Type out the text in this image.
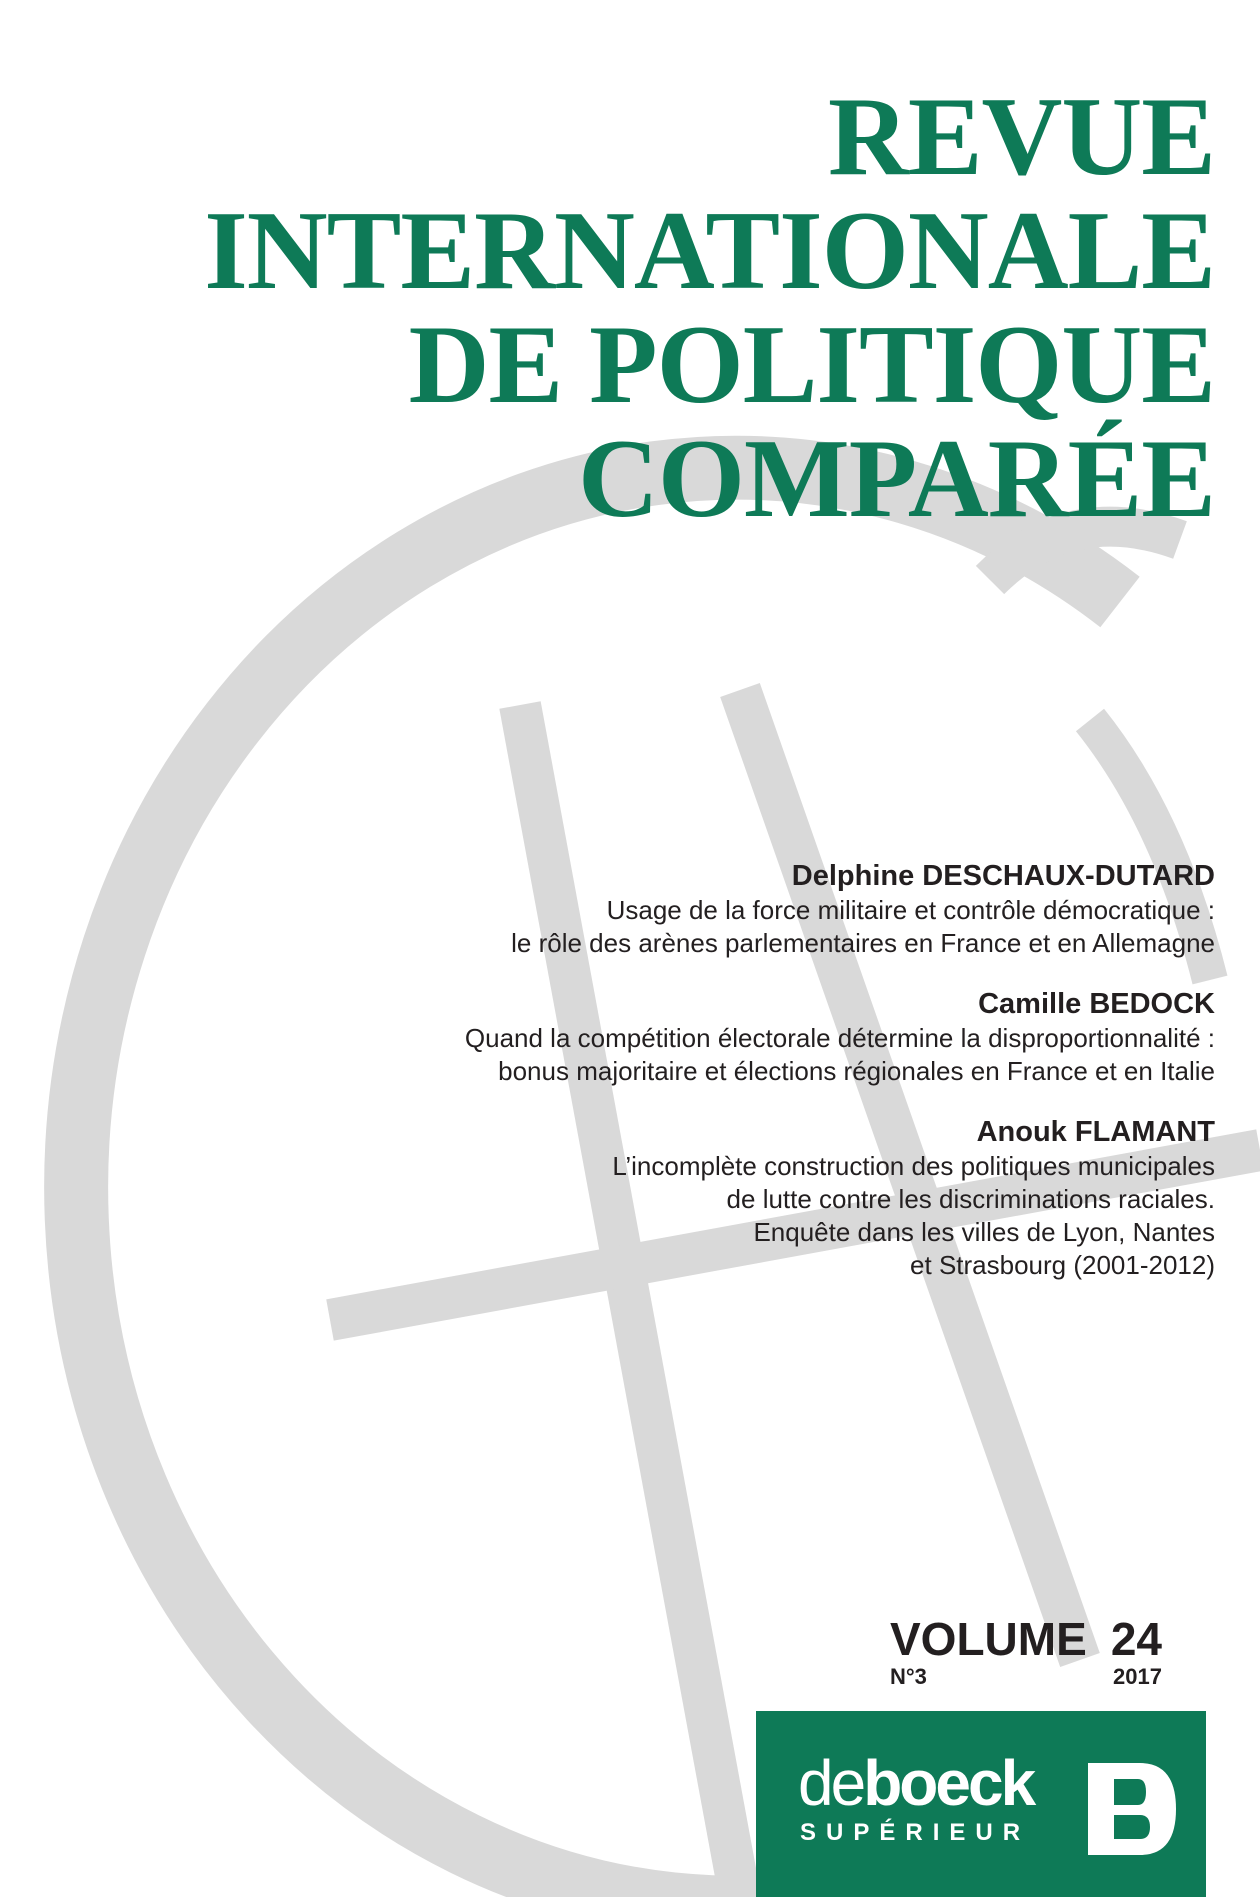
REVUE
INTERNATIONALE
DE POLITIQUE
COMPARÉE
Delphine DESCHAUX-DUTARD
Usage de la force militaire et contrôle démocratique :
le rôle des arènes parlementaires en France et en Allemagne
Camille BEDOCK
Quand la compétition électorale détermine la disproportionnalité :
bonus majoritaire et élections régionales en France et en Italie
Anouk FLAMANT
L’incomplète construction des politiques municipales
de lutte contre les discriminations raciales.
Enquête dans les villes de Lyon, Nantes
et Strasbourg (2001-2012)
VOLUME 24
N°3	2017
deboeck
SUPÉRIEUR
